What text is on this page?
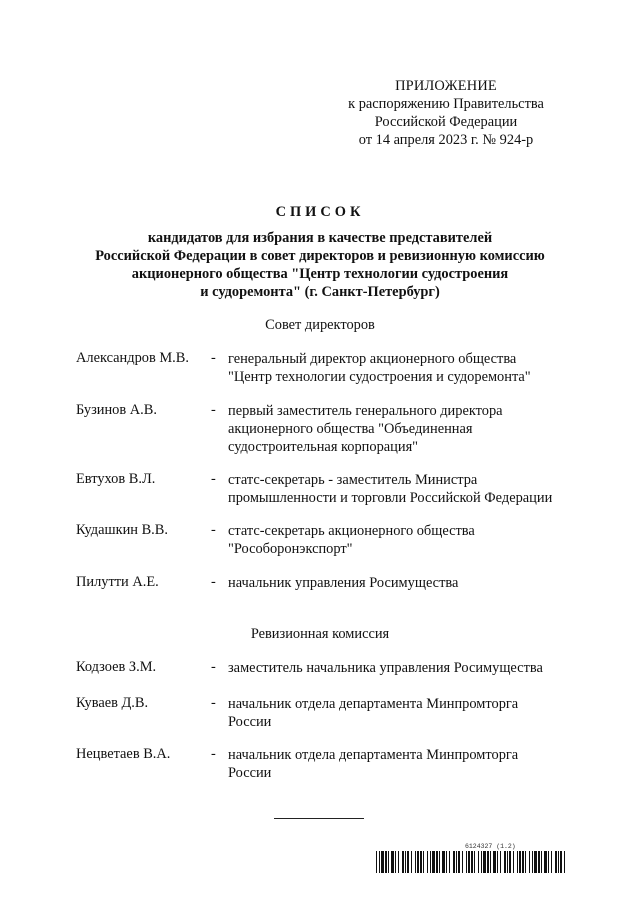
ПРИЛОЖЕНИЕ
к распоряжению Правительства
Российской Федерации
от 14 апреля 2023 г. № 924-р
СПИСОК
кандидатов для избрания в качестве представителей
Российской Федерации в совет директоров и ревизионную комиссию
акционерного общества "Центр технологии судостроения
и судоремонта" (г. Санкт-Петербург)
Совет директоров
Александров М.В. - генеральный директор акционерного общества
"Центр технологии судостроения и судоремонта"
Бузинов А.В.	- первый заместитель генерального директора
акционерного общества "Объединенная
судостроительная корпорация"
Евтухов В.Л.	- статс-секретарь - заместитель Министра
промышленности и торговли Российской Федерации
Кудашкин В.В.	- статс-секретарь акционерного общества
"Рособоронэкспорт"
Пилутти А.Е.	- начальник управления Росимущества
Ревизионная комиссия
Кодзоев З.М.	- заместитель начальника управления Росимущества
Куваев Д.В.	- начальник отдела департамента Минпромторга
России
Нецветаев В.А.	- начальник отдела департамента Минпромторга
России
6124327 (1.2)
